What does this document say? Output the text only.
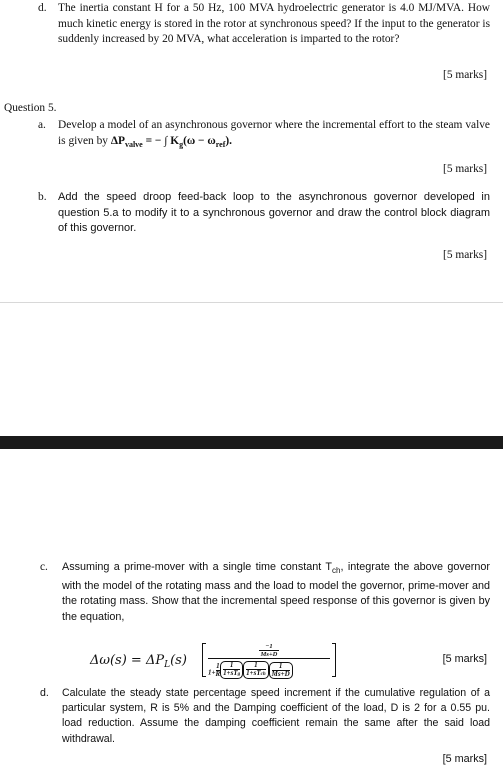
d. The inertia constant H for a 50 Hz, 100 MVA hydroelectric generator is 4.0 MJ/MVA. How much kinetic energy is stored in the rotor at synchronous speed? If the input to the generator is suddenly increased by 20 MVA, what acceleration is imparted to the rotor?
[5 marks]
Question 5.
a. Develop a model of an asynchronous governor where the incremental effort to the steam valve is given by $\Delta P_{valve}$ = − ∫ $K_g(\omega - \omega_{ref})$.
[5 marks]
b. Add the speed droop feed-back loop to the asynchronous governor developed in question 5.a to modify it to a synchronous governor and draw the control block diagram of this governor.
[5 marks]
c. Assuming a prime-mover with a single time constant $T_{ch}$, integrate the above governor with the model of the rotating mass and the load to model the governor, prime-mover and the rotating mass. Show that the incremental speed response of this governor is given by the equation,
$\Delta\omega(s) = \Delta P_L(s)$
−1
Ms+D
$1+ \frac{1}{R}$	1
1+sTg
1
1+sTch $\frac{1}{Ms+D}$
[5 marks]
d. Calculate the steady state percentage speed increment if the cumulative regulation of a particular system, R is 5% and the Damping coefficient of the load, D is 2 for a 0.55 pu. load reduction. Assume the damping coefficient remain the same after the said load withdrawal.
[5 marks]
